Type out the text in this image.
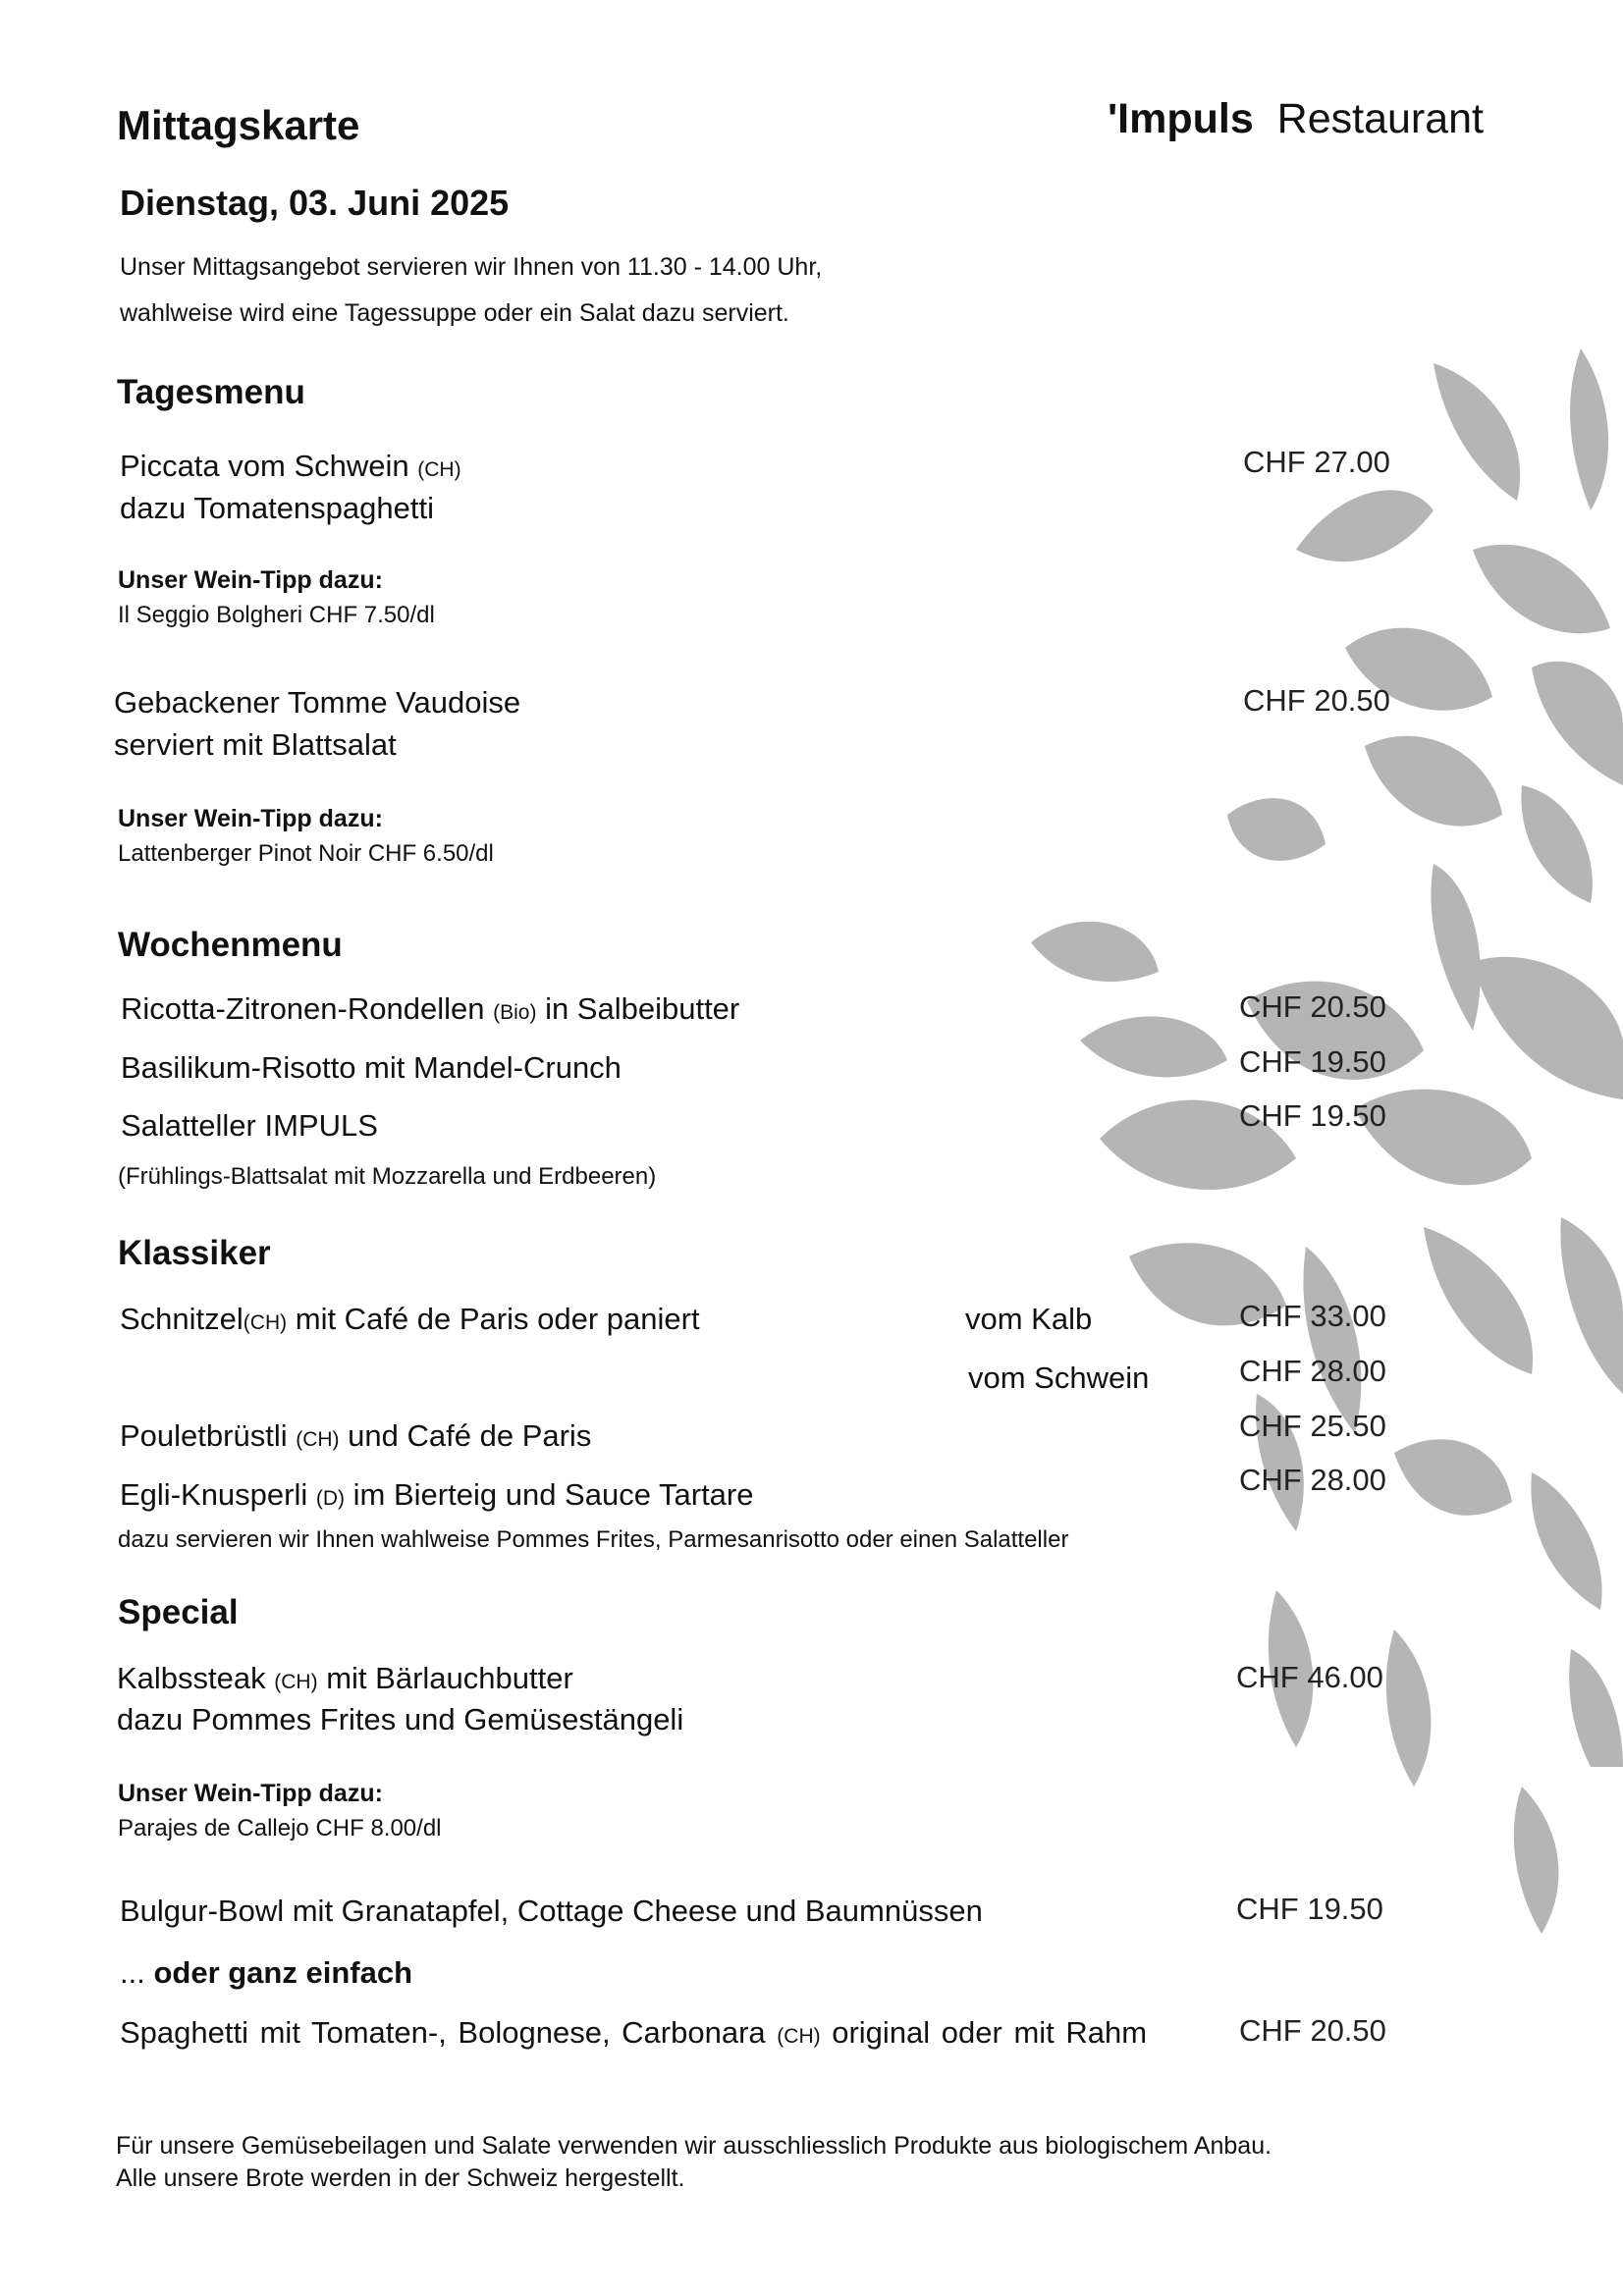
Mittagskarte	'Impuls Restaurant
Dienstag, 03. Juni 2025
Unser Mittagsangebot servieren wir Ihnen von 11.30 - 14.00 Uhr,
wahlweise wird eine Tagessuppe oder ein Salat dazu serviert.
Tagesmenu
Piccata vom Schwein (CH)
dazu Tomatenspaghetti
CHF 27.00
Unser Wein-Tipp dazu:
Il Seggio Bolgheri CHF 7.50/dl
Gebackener Tomme Vaudoise
serviert mit Blattsalat
CHF 20.50
Unser Wein-Tipp dazu:
Lattenberger Pinot Noir CHF 6.50/dl
Wochenmenu
Ricotta-Zitronen-Rondellen (Bio) in Salbeibutter	CHF 20.50
Basilikum-Risotto mit Mandel-Crunch	CHF 19.50
Salatteller IMPULS	CHF 19.50
(Frühlings-Blattsalat mit Mozzarella und Erdbeeren)
Klassiker
Schnitzel(CH) mit Café de Paris oder paniert	vom Kalb	CHF 33.00
vom Schwein	CHF 28.00
Pouletbrüstli (CH) und Café de Paris	CHF 25.50
Egli-Knusperli (D) im Bierteig und Sauce Tartare	CHF 28.00
dazu servieren wir Ihnen wahlweise Pommes Frites, Parmesanrisotto oder einen Salatteller
Special
Kalbssteak (CH) mit Bärlauchbutter
dazu Pommes Frites und Gemüsestängeli
CHF 46.00
Unser Wein-Tipp dazu:
Parajes de Callejo CHF 8.00/dl
Bulgur-Bowl mit Granatapfel, Cottage Cheese und Baumnüssen	CHF 19.50
... oder ganz einfach
Spaghetti mit Tomaten-, Bolognese, Carbonara (CH) original oder mit Rahm	CHF 20.50
Für unsere Gemüsebeilagen und Salate verwenden wir ausschliesslich Produkte aus biologischem Anbau.
Alle unsere Brote werden in der Schweiz hergestellt.
